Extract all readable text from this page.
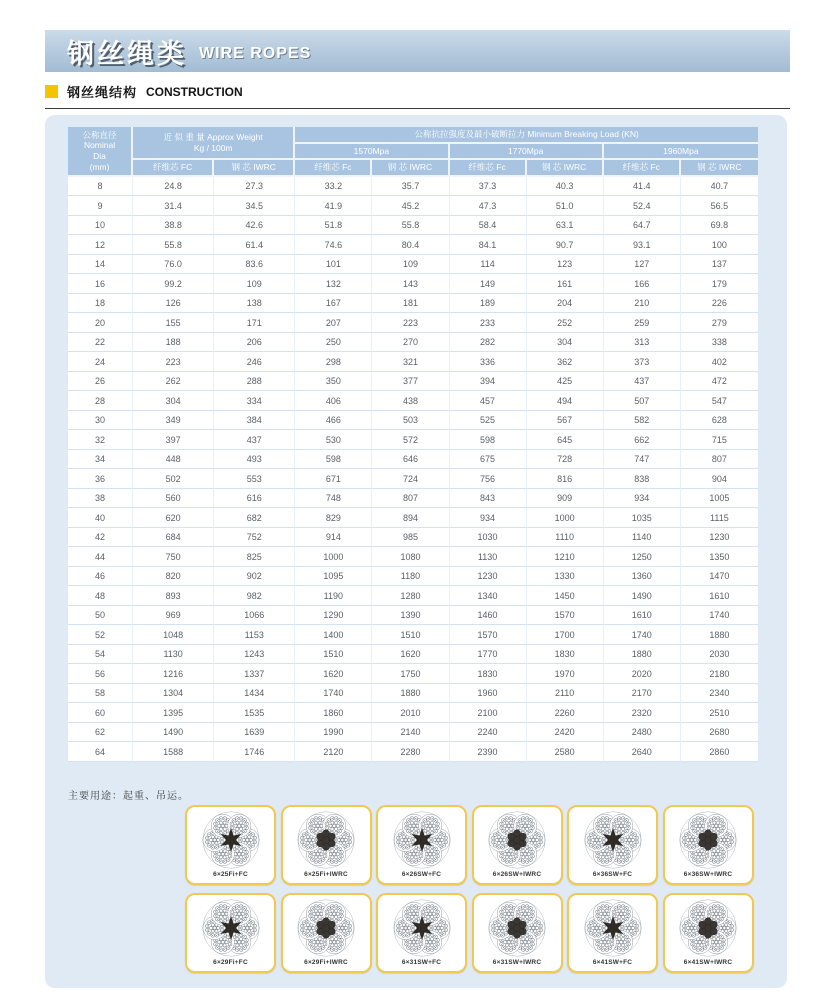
钢丝绳类 WIRE ROPES
钢丝绳结构 CONSTRUCTION
公称直径
Nominal
Dia
(mm)	近 似 重 量 Approx Weight
Kg / 100m		公称抗拉强度及最小破断拉力 Minimum Breaking Load (KN)					
			1570Mpa		1770Mpa		1960Mpa	
	纤维芯 FC	钢 芯 IWRC	纤维芯 Fc	钢 芯 IWRC	纤维芯 Fc	钢 芯 IWRC	纤维芯 Fc	钢 芯 IWRC
8	24.8	27.3	33.2	35.7	37.3	40.3	41.4	40.7
9	31.4	34.5	41.9	45.2	47.3	51.0	52.4	56.5
10	38.8	42.6	51.8	55.8	58.4	63.1	64.7	69.8
12	55.8	61.4	74.6	80.4	84.1	90.7	93.1	100
14	76.0	83.6	101	109	114	123	127	137
16	99.2	109	132	143	149	161	166	179
18	126	138	167	181	189	204	210	226
20	155	171	207	223	233	252	259	279
22	188	206	250	270	282	304	313	338
24	223	246	298	321	336	362	373	402
26	262	288	350	377	394	425	437	472
28	304	334	406	438	457	494	507	547
30	349	384	466	503	525	567	582	628
32	397	437	530	572	598	645	662	715
34	448	493	598	646	675	728	747	807
36	502	553	671	724	756	816	838	904
38	560	616	748	807	843	909	934	1005
40	620	682	829	894	934	1000	1035	1115
42	684	752	914	985	1030	1110	1140	1230
44	750	825	1000	1080	1130	1210	1250	1350
46	820	902	1095	1180	1230	1330	1360	1470
48	893	982	1190	1280	1340	1450	1490	1610
50	969	1066	1290	1390	1460	1570	1610	1740
52	1048	1153	1400	1510	1570	1700	1740	1880
54	1130	1243	1510	1620	1770	1830	1880	2030
56	1216	1337	1620	1750	1830	1970	2020	2180
58	1304	1434	1740	1880	1960	2110	2170	2340
60	1395	1535	1860	2010	2100	2260	2320	2510
62	1490	1639	1990	2140	2240	2420	2480	2680
64	1588	1746	2120	2280	2390	2580	2640	2860
主要用途：起重、吊运。
6×25Fi+FC	6×25Fi+IWRC	6×26SW+FC	6×26SW+IWRC	6×36SW+FC	6×36SW+IWRC
6×29Fi+FC	6×29Fi+IWRC	6×31SW+FC	6×31SW+IWRC	6×41SW+FC	6×41SW+IWRC
